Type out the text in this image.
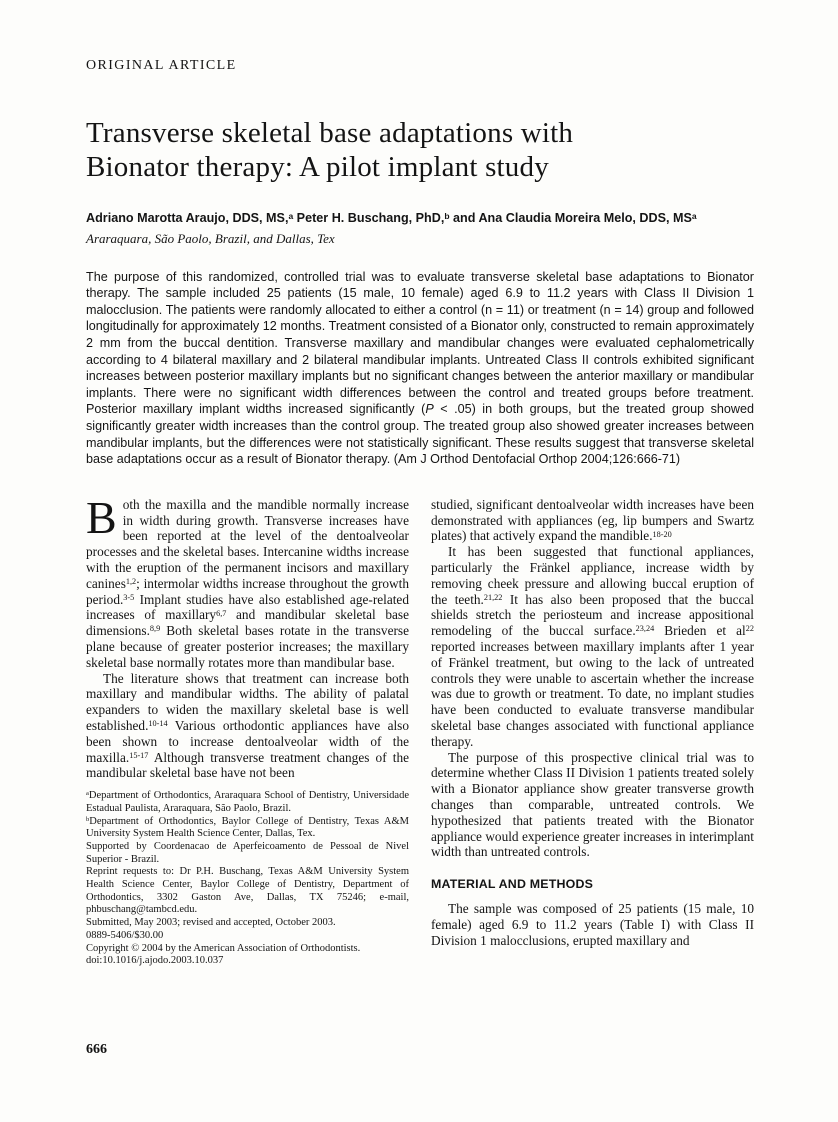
ORIGINAL ARTICLE
Transverse skeletal base adaptations with
Bionator therapy: A pilot implant study
Adriano Marotta Araujo, DDS, MS,$^a$ Peter H. Buschang, PhD,$^b$ and Ana Claudia Moreira Melo, DDS, $MS^a$
Araraquara, São Paolo, Brazil, and Dallas, Tex
The purpose of this randomized, controlled trial was to evaluate transverse skeletal base adaptations to Bionator therapy. The sample included 25 patients (15 male, 10 female) aged 6.9 to 11.2 years with Class II Division 1 malocclusion. The patients were randomly allocated to either a control (n = 11) or treatment (n = 14) group and followed longitudinally for approximately 12 months. Treatment consisted of a Bionator only, constructed to remain approximately 2 mm from the buccal dentition. Transverse maxillary and mandibular changes were evaluated cephalometrically according to 4 bilateral maxillary and 2 bilateral mandibular implants. Untreated Class II controls exhibited significant increases between posterior maxillary implants but no significant changes between the anterior maxillary or mandibular implants. There were no significant width differences between the control and treated groups before treatment. Posterior maxillary implant widths increased significantly (P < .05) in both groups, but the treated group showed significantly greater width increases than the control group. The treated group also showed greater increases between mandibular implants, but the differences were not statistically significant. These results suggest that transverse skeletal base adaptations occur as a result of Bionator therapy. (Am J Orthod Dentofacial Orthop 2004;126:666-71)

Both the maxilla and the mandible normally increase in width during growth. Transverse increases have been reported at the level of the dentoalveolar processes and the skeletal bases. Intercanine widths increase with the eruption of the permanent incisors and maxillary canines$^{1,2}$; intermolar widths increase throughout the growth period.$^{3-5}$ Implant studies have also established age-related increases of maxillary$^{6,7}$ and mandibular skeletal base dimensions.$^{8,9}$ Both skeletal bases rotate in the transverse plane because of greater posterior increases; the maxillary skeletal base normally rotates more than mandibular base.

The literature shows that treatment can increase both maxillary and mandibular widths. The ability of palatal expanders to widen the maxillary skeletal base is well established.$^{10-14}$ Various orthodontic appliances have also been shown to increase dentoalveolar width of the maxilla.$^{15-17}$ Although transverse treatment changes of the mandibular skeletal base have not been

$^a$Department of Orthodontics, Araraquara School of Dentistry, Universidade Estadual Paulista, Araraquara, São Paolo, Brazil.

$^b$Department of Orthodontics, Baylor College of Dentistry, Texas A&M University System Health Science Center, Dallas, Tex.

Supported by Coordenacao de Aperfeicoamento de Pessoal de Nivel Superior - Brazil.

Reprint requests to: Dr P.H. Buschang, Texas A&M University System Health Science Center, Baylor College of Dentistry, Department of Orthodontics, 3302 Gaston Ave, Dallas, TX 75246; e-mail, phbuschang@tambcd.edu.

Submitted, May 2003; revised and accepted, October 2003.

0889-5406/$30.00

Copyright © 2004 by the American Association of Orthodontists.

doi:10.1016/j.ajodo.2003.10.037

studied, significant dentoalveolar width increases have been demonstrated with appliances (eg, lip bumpers and Swartz plates) that actively expand the mandible.$^{18-20}$

It has been suggested that functional appliances, particularly the Fränkel appliance, increase width by removing cheek pressure and allowing buccal eruption of the teeth.$^{21,22}$ It has also been proposed that the buccal shields stretch the periosteum and increase appositional remodeling of the buccal surface.$^{23,24}$ Brieden et $al^{22}$ reported increases between maxillary implants after 1 year of Fränkel treatment, but owing to the lack of untreated controls they were unable to ascertain whether the increase was due to growth or treatment. To date, no implant studies have been conducted to evaluate transverse mandibular skeletal base changes associated with functional appliance therapy.

The purpose of this prospective clinical trial was to determine whether Class II Division 1 patients treated solely with a Bionator appliance show greater transverse growth changes than comparable, untreated controls. We hypothesized that patients treated with the Bionator appliance would experience greater increases in interimplant width than untreated controls.

MATERIAL AND METHODS

The sample was composed of 25 patients (15 male, 10 female) aged 6.9 to 11.2 years (Table I) with Class II Division 1 malocclusions, erupted maxillary and

666
